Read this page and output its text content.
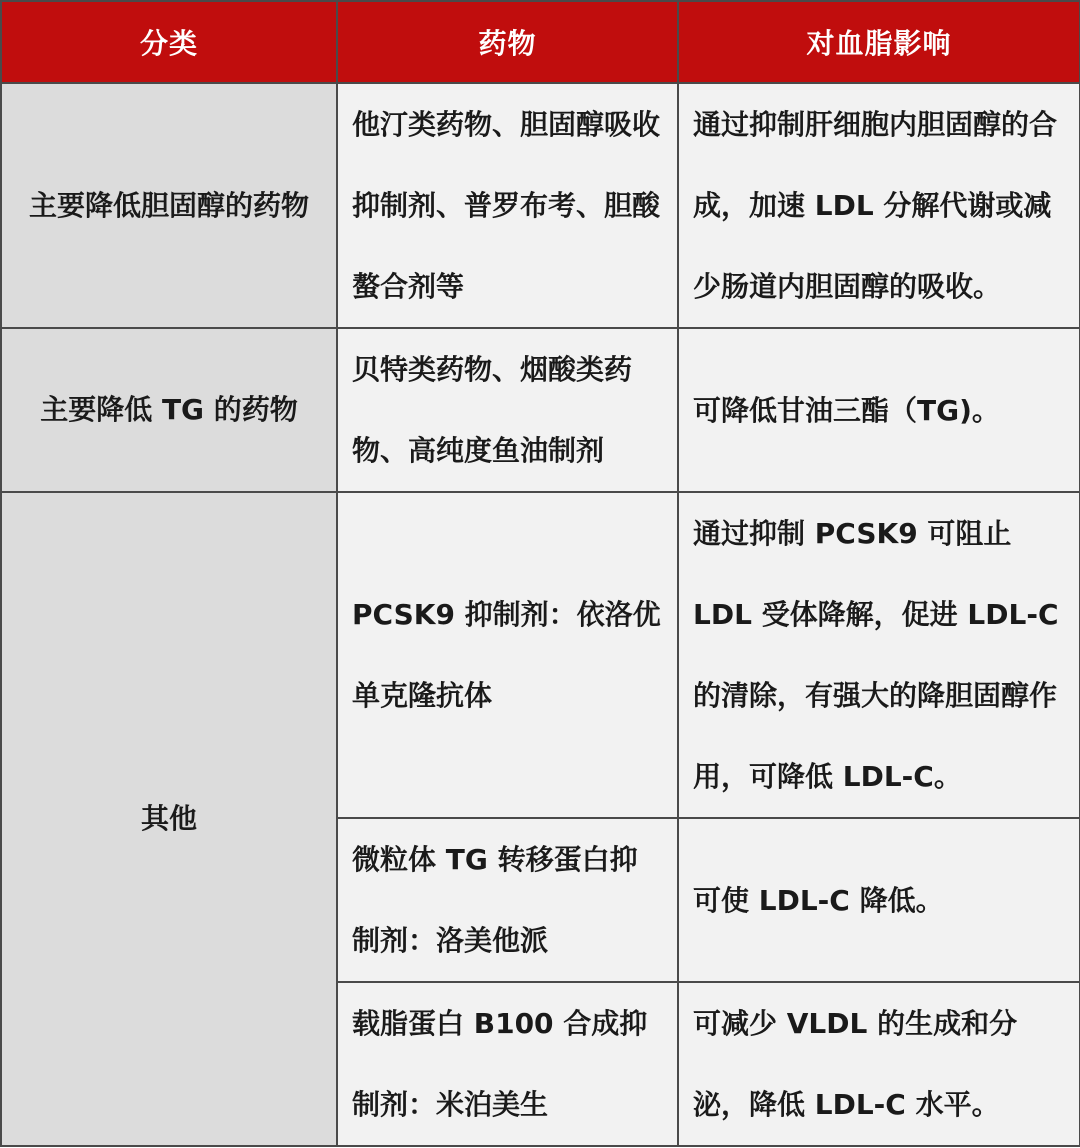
分类	药物	对血脂影响
主要降低胆固醇的药物	他汀类药物、胆固醇吸收抑制剂、普罗布考、胆酸螯合剂等	通过抑制肝细胞内胆固醇的合成，加速 LDL 分解代谢或减少肠道内胆固醇的吸收。
主要降低 TG 的药物	贝特类药物、烟酸类药物、高纯度鱼油制剂	可降低甘油三酯（TG)。
其他	PCSK9 抑制剂：依洛优单克隆抗体	通过抑制 PCSK9 可阻止 LDL 受体降解，促进 LDL-C 的清除，有强大的降胆固醇作用，可降低 LDL-C。
	微粒体 TG 转移蛋白抑制剂：洛美他派	可使 LDL-C 降低。
	载脂蛋白 B100 合成抑制剂：米泊美生	可减少 VLDL 的生成和分泌，降低 LDL-C 水平。
